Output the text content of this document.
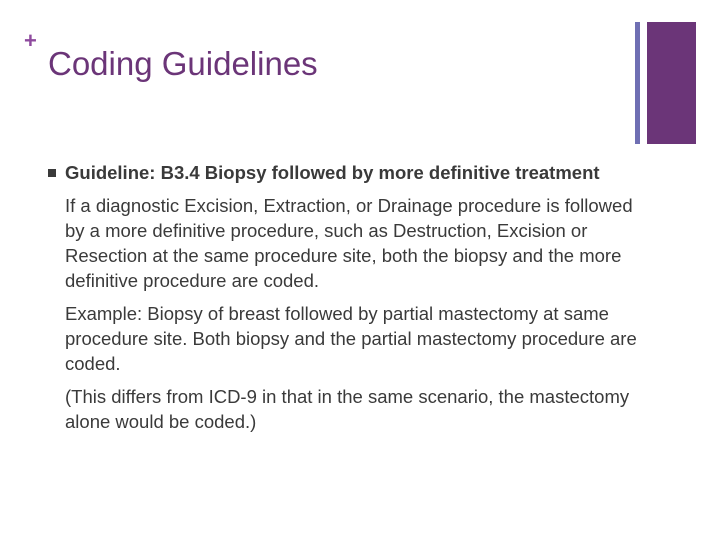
+
Coding Guidelines

Guideline: B3.4 Biopsy followed by more definitive treatment

If a diagnostic Excision, Extraction, or Drainage procedure is followed by a more definitive procedure, such as Destruction, Excision or Resection at the same procedure site, both the biopsy and the more definitive procedure are coded.

Example: Biopsy of breast followed by partial mastectomy at same procedure site. Both biopsy and the partial mastectomy procedure are coded.

(This differs from ICD-9 in that in the same scenario, the mastectomy alone would be coded.)
